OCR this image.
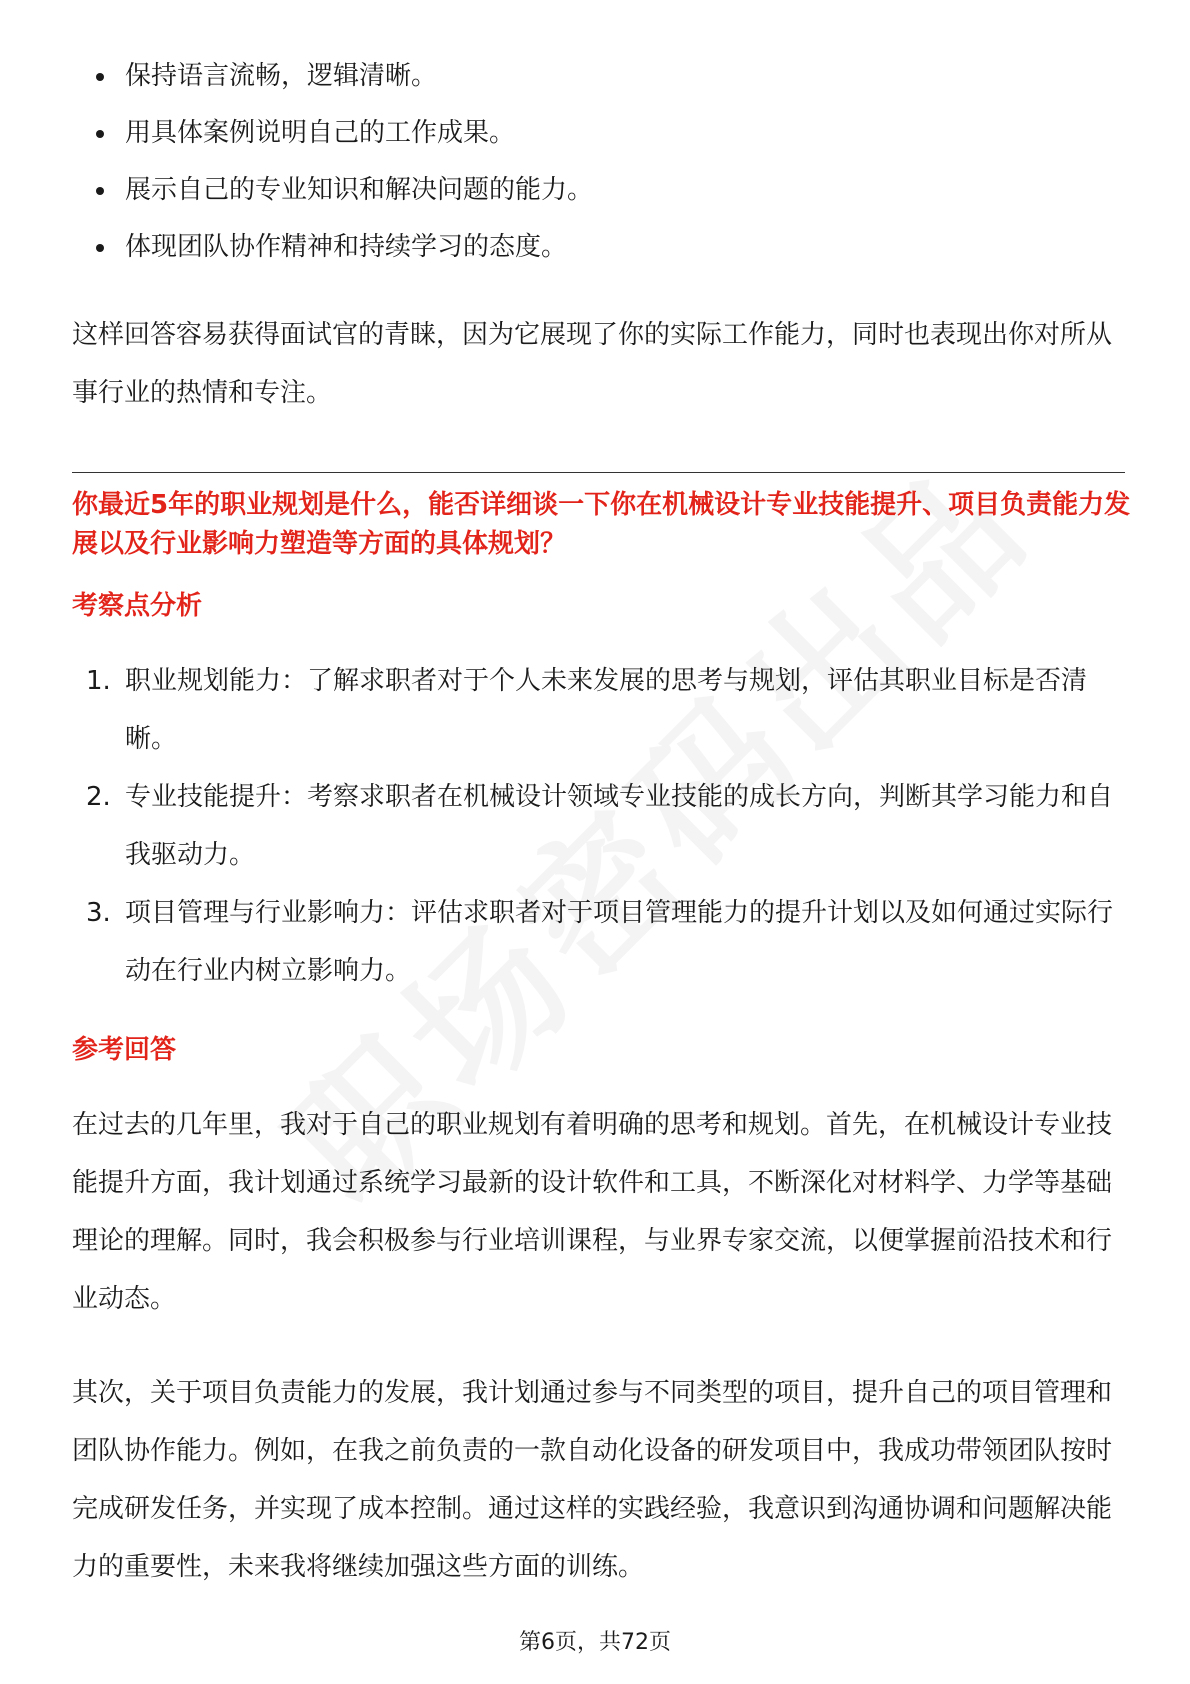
保持语言流畅，逻辑清晰。
用具体案例说明自己的工作成果。
展示自己的专业知识和解决问题的能力。
体现团队协作精神和持续学习的态度。

这样回答容易获得面试官的青睐，因为它展现了你的实际工作能力，同时也表现出你对所从事行业的热情和专注。

你最近5年的职业规划是什么，能否详细谈一下你在机械设计专业技能提升、项目负责能力发展以及行业影响力塑造等方面的具体规划？

考察点分析
1. 职业规划能力：了解求职者对于个人未来发展的思考与规划，评估其职业目标是否清晰。
2. 专业技能提升：考察求职者在机械设计领域专业技能的成长方向，判断其学习能力和自我驱动力。
3. 项目管理与行业影响力：评估求职者对于项目管理能力的提升计划以及如何通过实际行动在行业内树立影响力。
参考回答

在过去的几年里，我对于自己的职业规划有着明确的思考和规划。首先，在机械设计专业技能提升方面，我计划通过系统学习最新的设计软件和工具，不断深化对材料学、力学等基础理论的理解。同时，我会积极参与行业培训课程，与业界专家交流，以便掌握前沿技术和行业动态。

其次，关于项目负责能力的发展，我计划通过参与不同类型的项目，提升自己的项目管理和团队协作能力。例如，在我之前负责的一款自动化设备的研发项目中，我成功带领团队按时完成研发任务，并实现了成本控制。通过这样的实践经验，我意识到沟通协调和问题解决能力的重要性，未来我将继续加强这些方面的训练。

第6页，共72页
